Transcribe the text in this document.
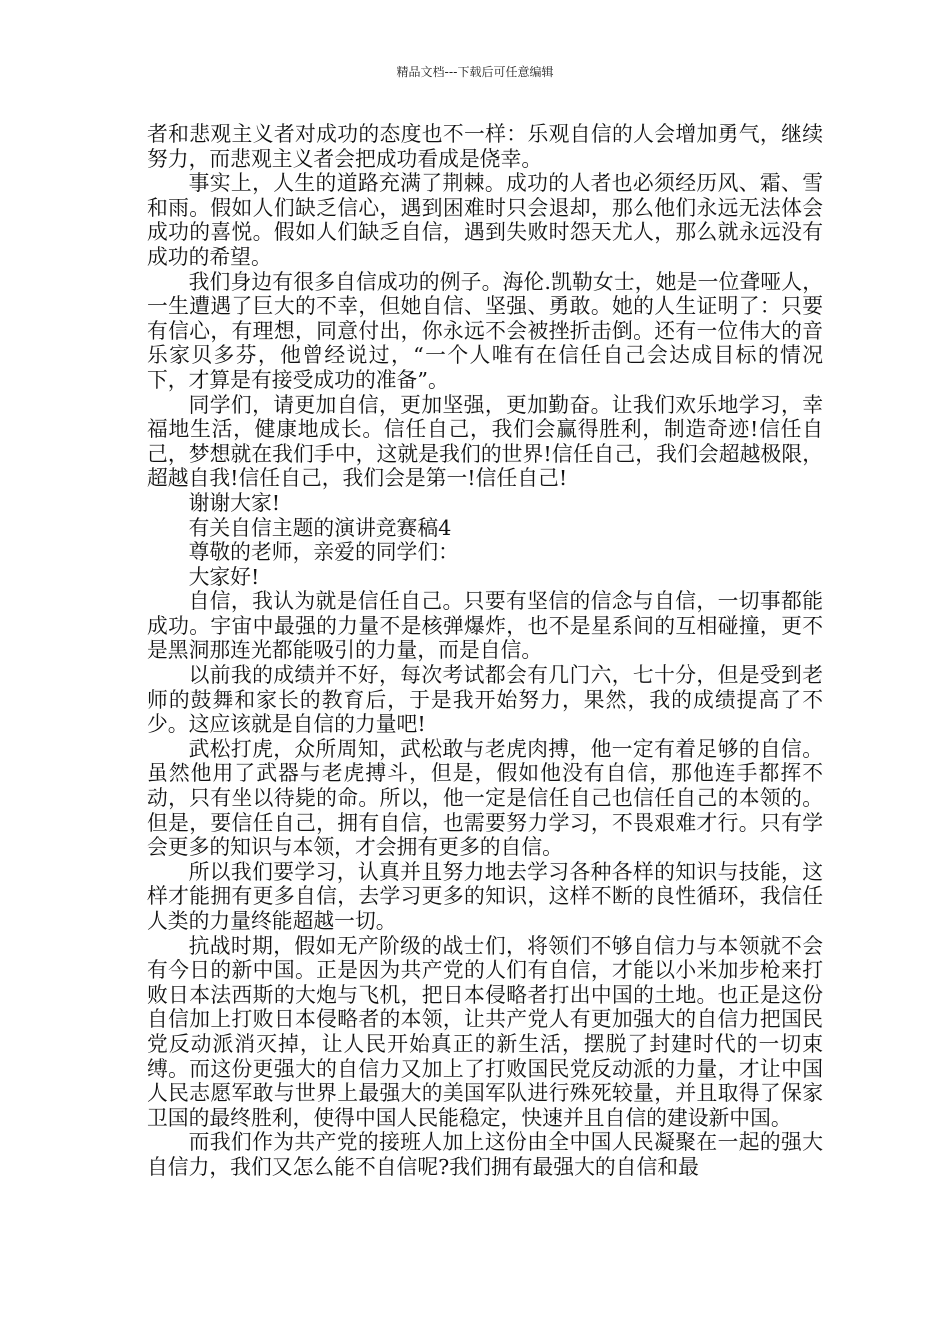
精品文档---下载后可任意编辑

者和悲观主义者对成功的态度也不一样：乐观自信的人会增加勇气，继续努力，而悲观主义者会把成功看成是侥幸。

事实上，人生的道路充满了荆棘。成功的人者也必须经历风、霜、雪和雨。假如人们缺乏信心，遇到困难时只会退却，那么他们永远无法体会成功的喜悦。假如人们缺乏自信，遇到失败时怨天尤人，那么就永远没有成功的希望。

我们身边有很多自信成功的例子。海伦.凯勒女士，她是一位聋哑人，一生遭遇了巨大的不幸，但她自信、坚强、勇敢。她的人生证明了：只要有信心，有理想，同意付出，你永远不会被挫折击倒。还有一位伟大的音乐家贝多芬，他曾经说过，“一个人唯有在信任自己会达成目标的情况下，才算是有接受成功的准备”。

同学们，请更加自信，更加坚强，更加勤奋。让我们欢乐地学习，幸福地生活，健康地成长。信任自己，我们会赢得胜利，制造奇迹!信任自己，梦想就在我们手中，这就是我们的世界!信任自己，我们会超越极限，超越自我!信任自己，我们会是第一!信任自己!

谢谢大家!

有关自信主题的演讲竞赛稿4

尊敬的老师，亲爱的同学们：

大家好!

自信，我认为就是信任自己。只要有坚信的信念与自信，一切事都能成功。宇宙中最强的力量不是核弹爆炸，也不是星系间的互相碰撞，更不是黑洞那连光都能吸引的力量，而是自信。

以前我的成绩并不好，每次考试都会有几门六，七十分，但是受到老师的鼓舞和家长的教育后，于是我开始努力，果然，我的成绩提高了不少。这应该就是自信的力量吧!

武松打虎，众所周知，武松敢与老虎肉搏，他一定有着足够的自信。虽然他用了武器与老虎搏斗，但是，假如他没有自信，那他连手都挥不动，只有坐以待毙的命。所以，他一定是信任自己也信任自己的本领的。但是，要信任自己，拥有自信，也需要努力学习，不畏艰难才行。只有学会更多的知识与本领，才会拥有更多的自信。

所以我们要学习，认真并且努力地去学习各种各样的知识与技能，这样才能拥有更多自信，去学习更多的知识，这样不断的良性循环，我信任人类的力量终能超越一切。

抗战时期，假如无产阶级的战士们，将领们不够自信力与本领就不会有今日的新中国。正是因为共产党的人们有自信，才能以小米加步枪来打败日本法西斯的大炮与飞机，把日本侵略者打出中国的土地。也正是这份自信加上打败日本侵略者的本领，让共产党人有更加强大的自信力把国民党反动派消灭掉，让人民开始真正的新生活，摆脱了封建时代的一切束缚。而这份更强大的自信力又加上了打败国民党反动派的力量，才让中国人民志愿军敢与世界上最强大的美国军队进行殊死较量，并且取得了保家卫国的最终胜利，使得中国人民能稳定，快速并且自信的建设新中国。

而我们作为共产党的接班人加上这份由全中国人民凝聚在一起的强大自信力，我们又怎么能不自信呢?我们拥有最强大的自信和最
